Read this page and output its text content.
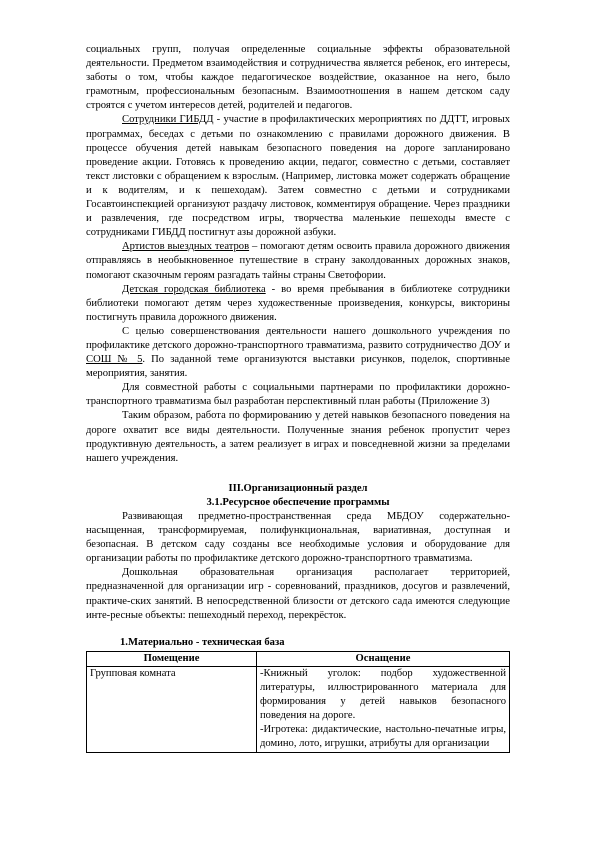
социальных групп, получая определенные социальные эффекты образовательной деятельности. Предметом взаимодействия и сотрудничества является ребенок, его интересы, заботы о том, чтобы каждое педагогическое воздействие, оказанное на него, было грамотным, профессиональным безопасным. Взаимоотношения в нашем детском саду строятся с учетом интересов детей, родителей и педагогов.

Сотрудники ГИБДД - участие в профилактических мероприятиях по ДДТТ, игровых программах, беседах с детьми по ознакомлению с правилами дорожного движения. В процессе обучения детей навыкам безопасного поведения на дороге запланировано проведение акции. Готовясь к проведению акции, педагог, совместно с детьми, составляет текст листовки с обращением к взрослым. (Например, листовка может содержать обращение и к водителям, и к пешеходам). Затем совместно с детьми и сотрудниками Госавтоинспекцией организуют раздачу листовок, комментируя обращение. Через праздники и развлечения, где посредством игры, творчества маленькие пешеходы вместе с сотрудниками ГИБДД постигнут азы дорожной азбуки.

Артистов выездных театров – помогают детям освоить правила дорожного движения отправляясь в необыкновенное путешествие в страну заколдованных дорожных знаков, помогают сказочным героям разгадать тайны страны Светофории.

Детская городская библиотека - во время пребывания в библиотеке сотрудники библиотеки помогают детям через художественные произведения, конкурсы, викторины постигнуть правила дорожного движения.

С целью совершенствования деятельности нашего дошкольного учреждения по профилактике детского дорожно-транспортного травматизма, развито сотрудничество ДОУ и СОШ № 5. По заданной теме организуются выставки рисунков, поделок, спортивные мероприятия, занятия.

Для совместной работы с социальными партнерами по профилактики дорожно-транспортного травматизма был разработан перспективный план работы (Приложение 3)

Таким образом, работа по формированию у детей навыков безопасного поведения на дороге охватит все виды деятельности. Полученные знания ребенок пропустит через продуктивную деятельность, а затем реализует в играх и повседневной жизни за пределами нашего учреждения.

III.Организационный раздел

3.1.Ресурсное обеспечение программы

Развивающая предметно-пространственная среда МБДОУ содержательно-насыщенная, трансформируемая, полифункциональная, вариативная, доступная и безопасная. В детском саду созданы все необходимые условия и оборудование для организации работы по профилактике детского дорожно-транспортного травматизма.

Дошкольная образовательная организация располагает территорией, предназначенной для организации игр - соревнований, праздников, досугов и развлечений, практиче-ских занятий. В непосредственной близости от детского сада имеются следующие инте-ресные объекты: пешеходный переход, перекрёсток.

1.Материально - техническая база

Помещение	Оснащение
Групповая комната	-Книжный уголок: подбор художественной литературы, иллюстрированного материала для формирования у детей навыков безопасного поведения на дороге.
-Игротека: дидактические, настольно-печатные игры, домино, лото, игрушки, атрибуты для организации
